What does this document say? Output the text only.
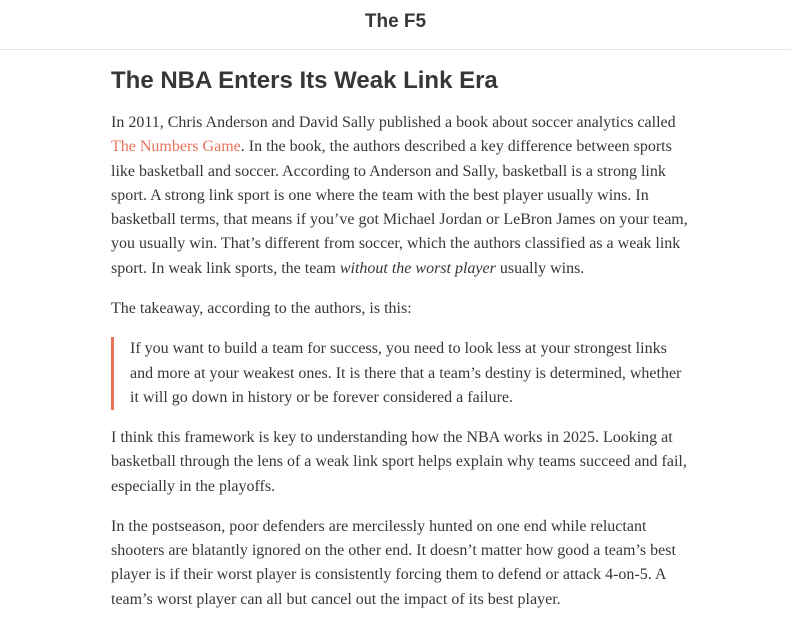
The F5
The NBA Enters Its Weak Link Era

In 2011, Chris Anderson and David Sally published a book about soccer analytics called The Numbers Game. In the book, the authors described a key difference between sports like basketball and soccer. According to Anderson and Sally, basketball is a strong link sport. A strong link sport is one where the team with the best player usually wins. In basketball terms, that means if you’ve got Michael Jordan or LeBron James on your team, you usually win. That’s different from soccer, which the authors classified as a weak link sport. In weak link sports, the team without the worst player usually wins.

The takeaway, according to the authors, is this:

If you want to build a team for success, you need to look less at your strongest links and more at your weakest ones. It is there that a team’s destiny is determined, whether it will go down in history or be forever considered a failure.

I think this framework is key to understanding how the NBA works in 2025. Looking at basketball through the lens of a weak link sport helps explain why teams succeed and fail, especially in the playoffs.

In the postseason, poor defenders are mercilessly hunted on one end while reluctant shooters are blatantly ignored on the other end. It doesn’t matter how good a team’s best player is if their worst player is consistently forcing them to defend or attack 4-on-5. A team’s worst player can all but cancel out the impact of its best player.
